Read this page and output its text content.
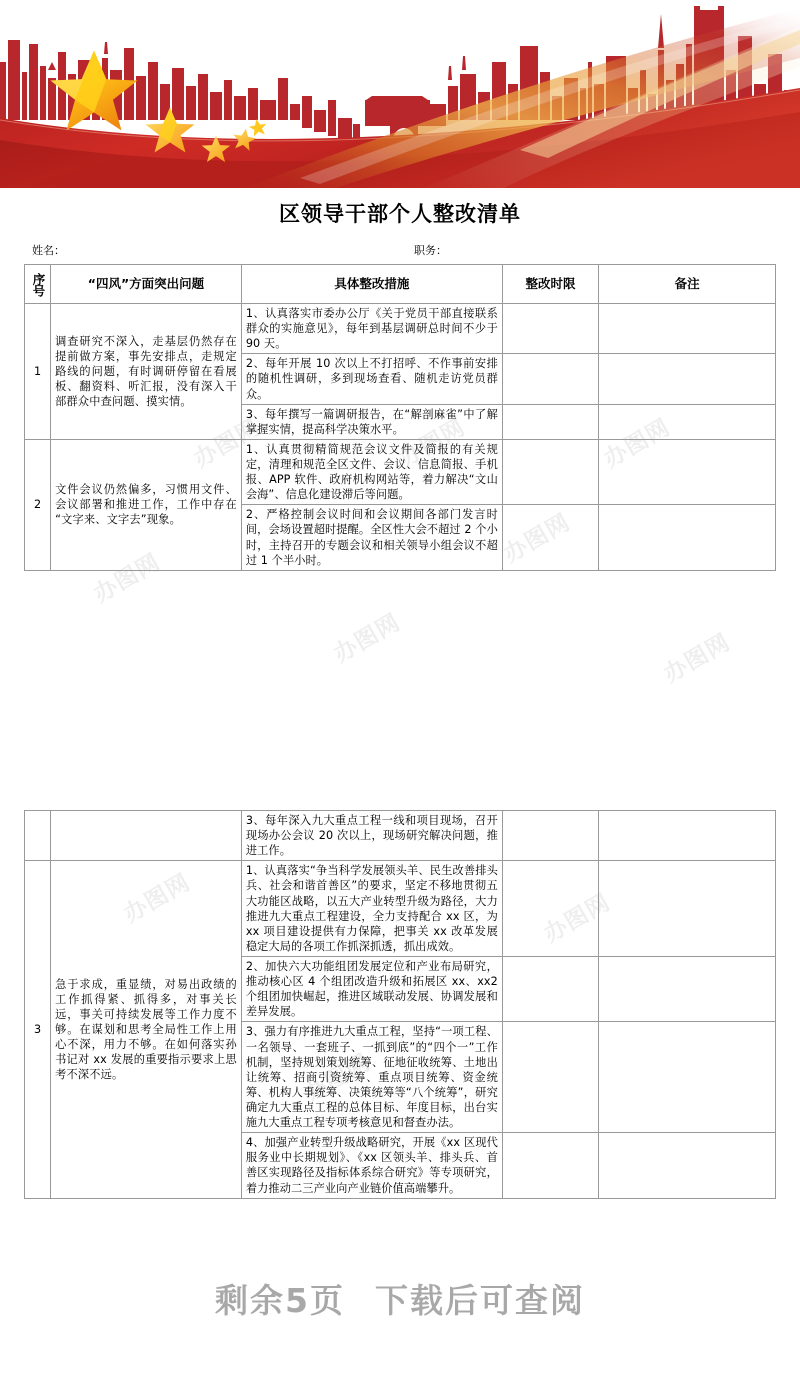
办图网	办图网
办图网
办图网
办图网
办图网	办图网
办图网	办图网
办图网
区领导干部个人整改清单
姓名：	职务：
序号	“四风”方面突出问题	具体整改措施	整改时限	备注
1	调查研究不深入，走基层仍然存在提前做方案，事先安排点，走规定路线的问题，有时调研停留在看展板、翻资料、听汇报，没有深入干部群众中查问题、摸实情。	1、认真落实市委办公厅《关于党员干部直接联系群众的实施意见》，每年到基层调研总时间不少于 90 天。		
		2、每年开展 10 次以上不打招呼、不作事前安排的随机性调研，多到现场查看、随机走访党员群众。		
		3、每年撰写一篇调研报告，在“解剖麻雀”中了解掌握实情，提高科学决策水平。		
2	文件会议仍然偏多，习惯用文件、会议部署和推进工作，工作中存在“文字来、文字去”现象。	1、认真贯彻精简规范会议文件及简报的有关规定，清理和规范全区文件、会议、信息简报、手机报、APP 软件、政府机构网站等，着力解决“文山会海”、信息化建设滞后等问题。		
		2、严格控制会议时间和会议期间各部门发言时间，会场设置超时提醒。全区性大会不超过 2 个小时，主持召开的专题会议和相关领导小组会议不超过 1 个半小时。		
		3、每年深入九大重点工程一线和项目现场，召开现场办公会议 20 次以上，现场研究解决问题，推进工作。		
3	急于求成，重显绩，对易出政绩的工作抓得紧、抓得多，对事关长远，事关可持续发展等工作力度不够。在谋划和思考全局性工作上用心不深，用力不够。在如何落实孙书记对 xx 发展的重要指示要求上思考不深不远。	1、认真落实“争当科学发展领头羊、民生改善排头兵、社会和谐首善区”的要求，坚定不移地贯彻五大功能区战略，以五大产业转型升级为路径，大力推进九大重点工程建设，全力支持配合 xx 区，为 xx 项目建设提供有力保障，把事关 xx 改革发展稳定大局的各项工作抓深抓透，抓出成效。		
		2、加快六大功能组团发展定位和产业布局研究，推动核心区 4 个组团改造升级和拓展区 xx、xx2 个组团加快崛起，推进区域联动发展、协调发展和差异发展。		
		3、强力有序推进九大重点工程，坚持“一项工程、一名领导、一套班子、一抓到底”的“四个一”工作机制，坚持规划策划统筹、征地征收统筹、土地出让统筹、招商引资统筹、重点项目统筹、资金统筹、机构人事统筹、决策统筹等“八个统筹”，研究确定九大重点工程的总体目标、年度目标，出台实施九大重点工程专项考核意见和督查办法。		
		4、加强产业转型升级战略研究，开展《xx 区现代服务业中长期规划》、《xx 区领头羊、排头兵、首善区实现路径及指标体系综合研究》等专项研究，着力推动二三产业向产业链价值高端攀升。		
剩余5页 下载后可查阅
